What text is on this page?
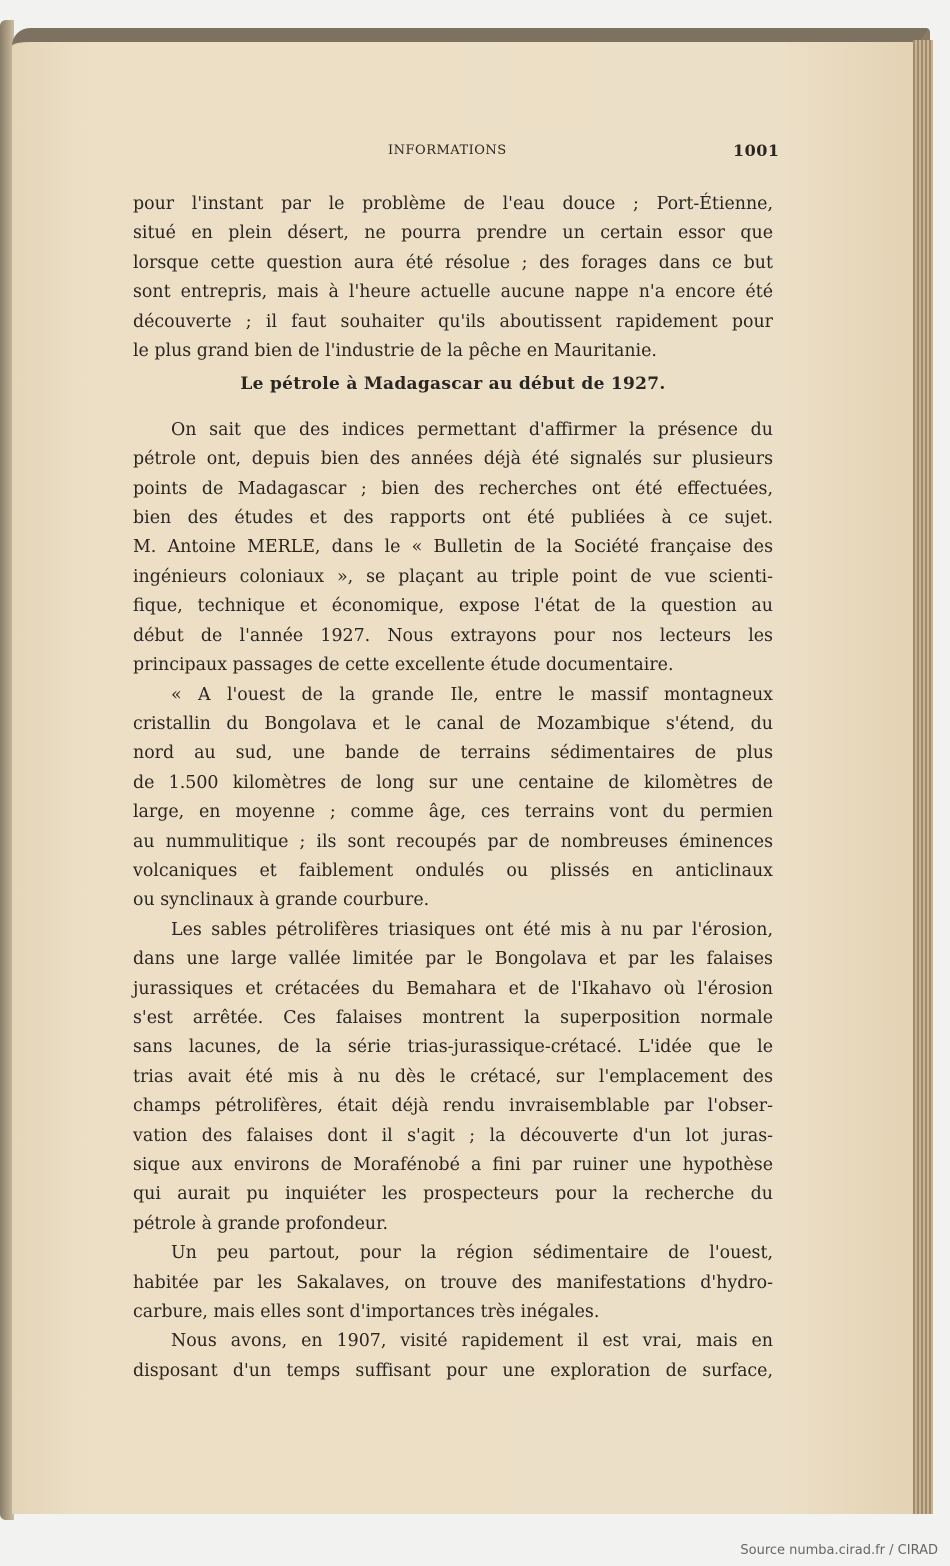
INFORMATIONS	1001
pour l'instant par le problème de l'eau douce ; Port-Étienne,
situé en plein désert, ne pourra prendre un certain essor que
lorsque cette question aura été résolue ; des forages dans ce but
sont entrepris, mais à l'heure actuelle aucune nappe n'a encore été
découverte ; il faut souhaiter qu'ils aboutissent rapidement pour
le plus grand bien de l'industrie de la pêche en Mauritanie.
Le pétrole à Madagascar au début de 1927.
On sait que des indices permettant d'affirmer la présence du
pétrole ont, depuis bien des années déjà été signalés sur plusieurs
points de Madagascar ; bien des recherches ont été effectuées,
bien des études et des rapports ont été publiées à ce sujet.
M. Antoine MERLE, dans le « Bulletin de la Société française des
ingénieurs coloniaux », se plaçant au triple point de vue scienti-
fique, technique et économique, expose l'état de la question au
début de l'année 1927. Nous extrayons pour nos lecteurs les
principaux passages de cette excellente étude documentaire.
« A l'ouest de la grande Ile, entre le massif montagneux
cristallin du Bongolava et le canal de Mozambique s'étend, du
nord au sud, une bande de terrains sédimentaires de plus
de 1.500 kilomètres de long sur une centaine de kilomètres de
large, en moyenne ; comme âge, ces terrains vont du permien
au nummulitique ; ils sont recoupés par de nombreuses éminences
volcaniques et faiblement ondulés ou plissés en anticlinaux
ou synclinaux à grande courbure.
Les sables pétrolifères triasiques ont été mis à nu par l'érosion,
dans une large vallée limitée par le Bongolava et par les falaises
jurassiques et crétacées du Bemahara et de l'Ikahavo où l'érosion
s'est arrêtée. Ces falaises montrent la superposition normale
sans lacunes, de la série trias-jurassique-crétacé. L'idée que le
trias avait été mis à nu dès le crétacé, sur l'emplacement des
champs pétrolifères, était déjà rendu invraisemblable par l'obser-
vation des falaises dont il s'agit ; la découverte d'un lot juras-
sique aux environs de Morafénobé a fini par ruiner une hypothèse
qui aurait pu inquiéter les prospecteurs pour la recherche du
pétrole à grande profondeur.
Un peu partout, pour la région sédimentaire de l'ouest,
habitée par les Sakalaves, on trouve des manifestations d'hydro-
carbure, mais elles sont d'importances très inégales.
Nous avons, en 1907, visité rapidement il est vrai, mais en
disposant d'un temps suffisant pour une exploration de surface,
Source numba.cirad.fr / CIRAD
